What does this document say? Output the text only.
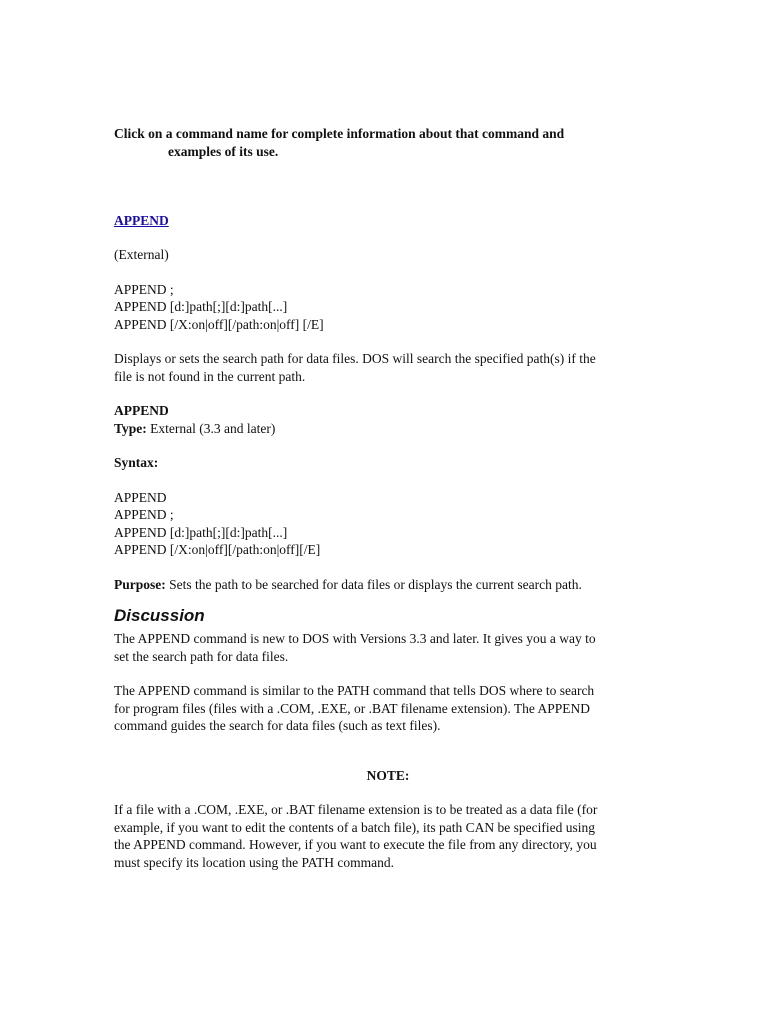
Click on a command name for complete information about that command and
examples of its use.

APPEND

(External)

APPEND ;
APPEND [d:]path[;][d:]path[...]
APPEND [/X:on|off][/path:on|off] [/E]

Displays or sets the search path for data files. DOS will search the specified path(s) if the
file is not found in the current path.

APPEND
Type: External (3.3 and later)

Syntax:

APPEND
APPEND ;
APPEND [d:]path[;][d:]path[...]
APPEND [/X:on|off][/path:on|off][/E]

Purpose: Sets the path to be searched for data files or displays the current search path.

Discussion

The APPEND command is new to DOS with Versions 3.3 and later. It gives you a way to
set the search path for data files.

The APPEND command is similar to the PATH command that tells DOS where to search
for program files (files with a .COM, .EXE, or .BAT filename extension). The APPEND
command guides the search for data files (such as text files).

NOTE:

If a file with a .COM, .EXE, or .BAT filename extension is to be treated as a data file (for
example, if you want to edit the contents of a batch file), its path CAN be specified using
the APPEND command. However, if you want to execute the file from any directory, you
must specify its location using the PATH command.
